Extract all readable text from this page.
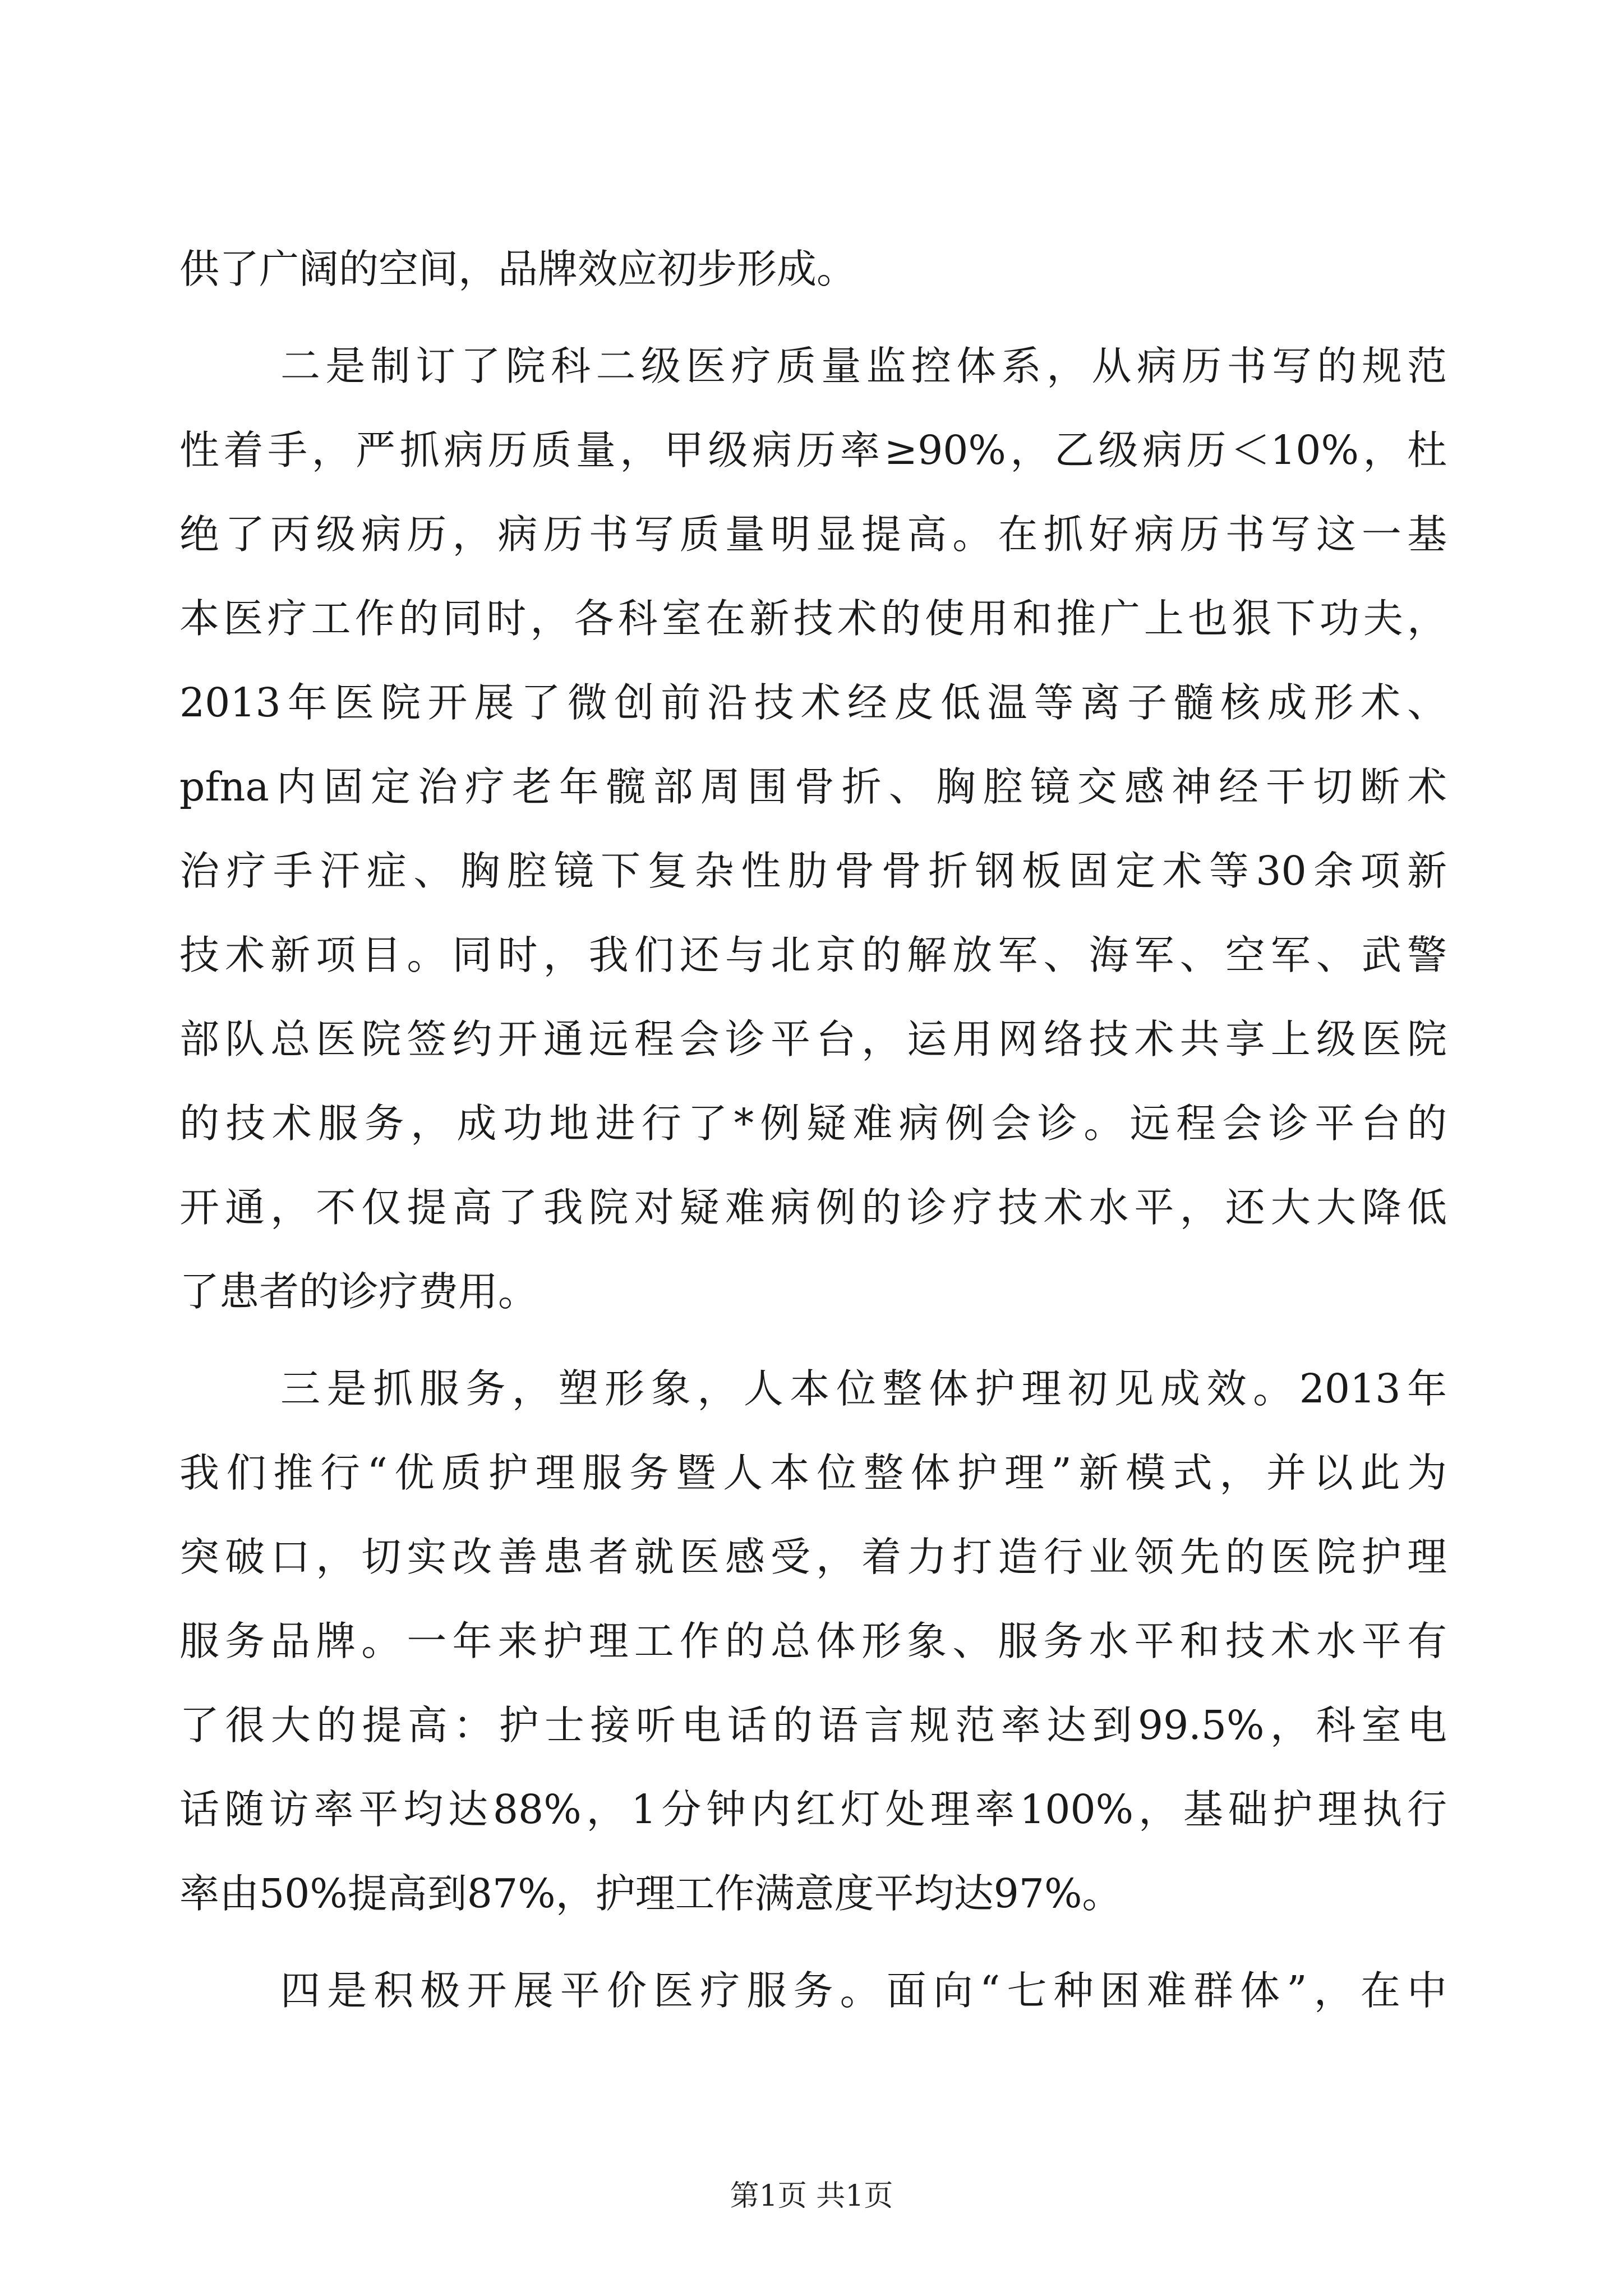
供了广阔的空间，品牌效应初步形成。
二是制订了院科二级医疗质量监控体系，从病历书写的规范
性着手，严抓病历质量，甲级病历率≥90%，乙级病历＜10%，杜
绝了丙级病历，病历书写质量明显提高。在抓好病历书写这一基
本医疗工作的同时，各科室在新技术的使用和推广上也狠下功夫，
2013年医院开展了微创前沿技术经皮低温等离子髓核成形术、
pfna内固定治疗老年髋部周围骨折、胸腔镜交感神经干切断术
治疗手汗症、胸腔镜下复杂性肋骨骨折钢板固定术等30余项新
技术新项目。同时，我们还与北京的解放军、海军、空军、武警
部队总医院签约开通远程会诊平台，运用网络技术共享上级医院
的技术服务，成功地进行了*例疑难病例会诊。远程会诊平台的
开通，不仅提高了我院对疑难病例的诊疗技术水平，还大大降低
了患者的诊疗费用。
三是抓服务，塑形象，人本位整体护理初见成效。2013年
我们推行“优质护理服务暨人本位整体护理”新模式，并以此为
突破口，切实改善患者就医感受，着力打造行业领先的医院护理
服务品牌。一年来护理工作的总体形象、服务水平和技术水平有
了很大的提高：护士接听电话的语言规范率达到99.5%，科室电
话随访率平均达88%，1分钟内红灯处理率100%，基础护理执行
率由50%提高到87%，护理工作满意度平均达97%。
四是积极开展平价医疗服务。面向“七种困难群体”，在中
第1页 共1页
